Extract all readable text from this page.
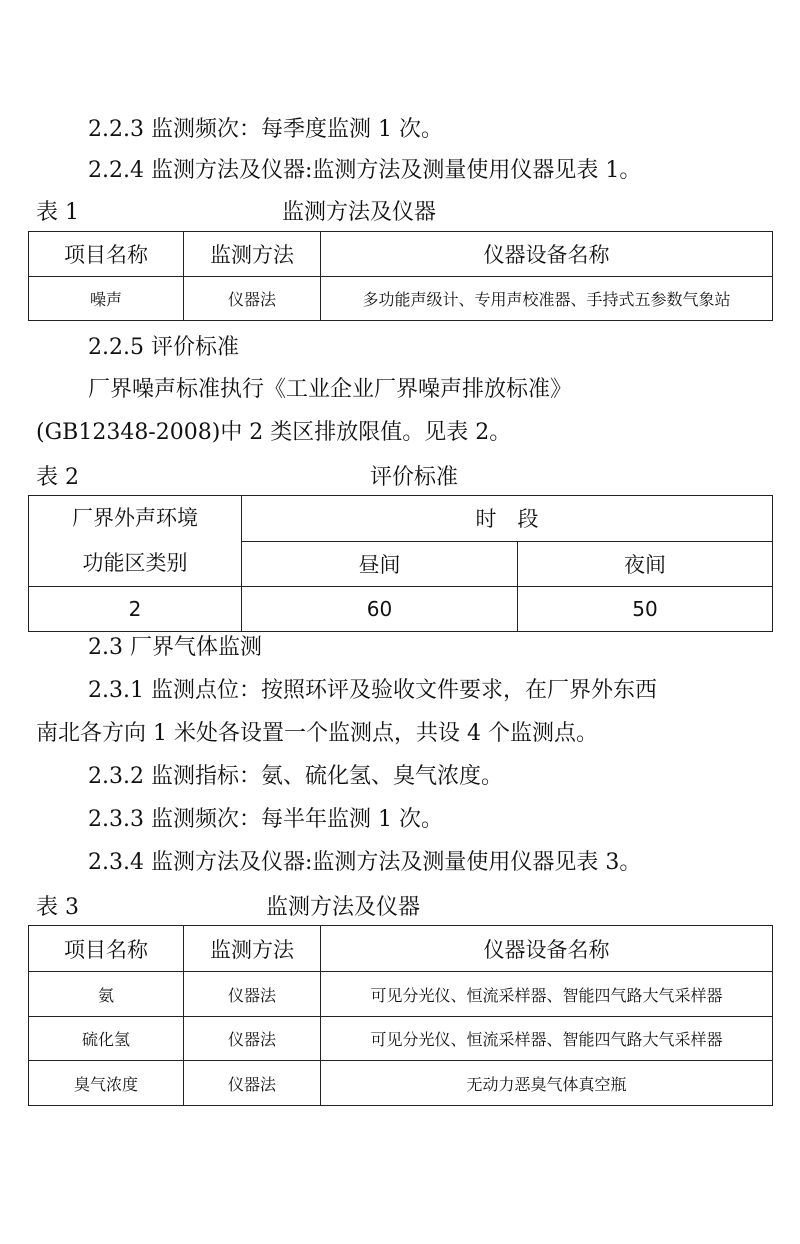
2.2.3 监测频次：每季度监测 1 次。
2.2.4 监测方法及仪器:监测方法及测量使用仪器见表 1。
表 1	监测方法及仪器
项目名称	监测方法	仪器设备名称
噪声	仪器法	多功能声级计、专用声校准器、手持式五参数气象站
2.2.5 评价标准
厂界噪声标准执行《工业企业厂界噪声排放标准》
(GB12348-2008)中 2 类区排放限值。见表 2。
表 2	评价标准
厂界外声环境
功能区类别	时　段	
	昼间	夜间
2	60	50
2.3 厂界气体监测
2.3.1 监测点位：按照环评及验收文件要求，在厂界外东西
南北各方向 1 米处各设置一个监测点，共设 4 个监测点。
2.3.2 监测指标：氨、硫化氢、臭气浓度。
2.3.3 监测频次：每半年监测 1 次。
2.3.4 监测方法及仪器:监测方法及测量使用仪器见表 3。
表 3	监测方法及仪器
项目名称	监测方法	仪器设备名称
氨	仪器法	可见分光仪、恒流采样器、智能四气路大气采样器
硫化氢	仪器法	可见分光仪、恒流采样器、智能四气路大气采样器
臭气浓度	仪器法	无动力恶臭气体真空瓶
